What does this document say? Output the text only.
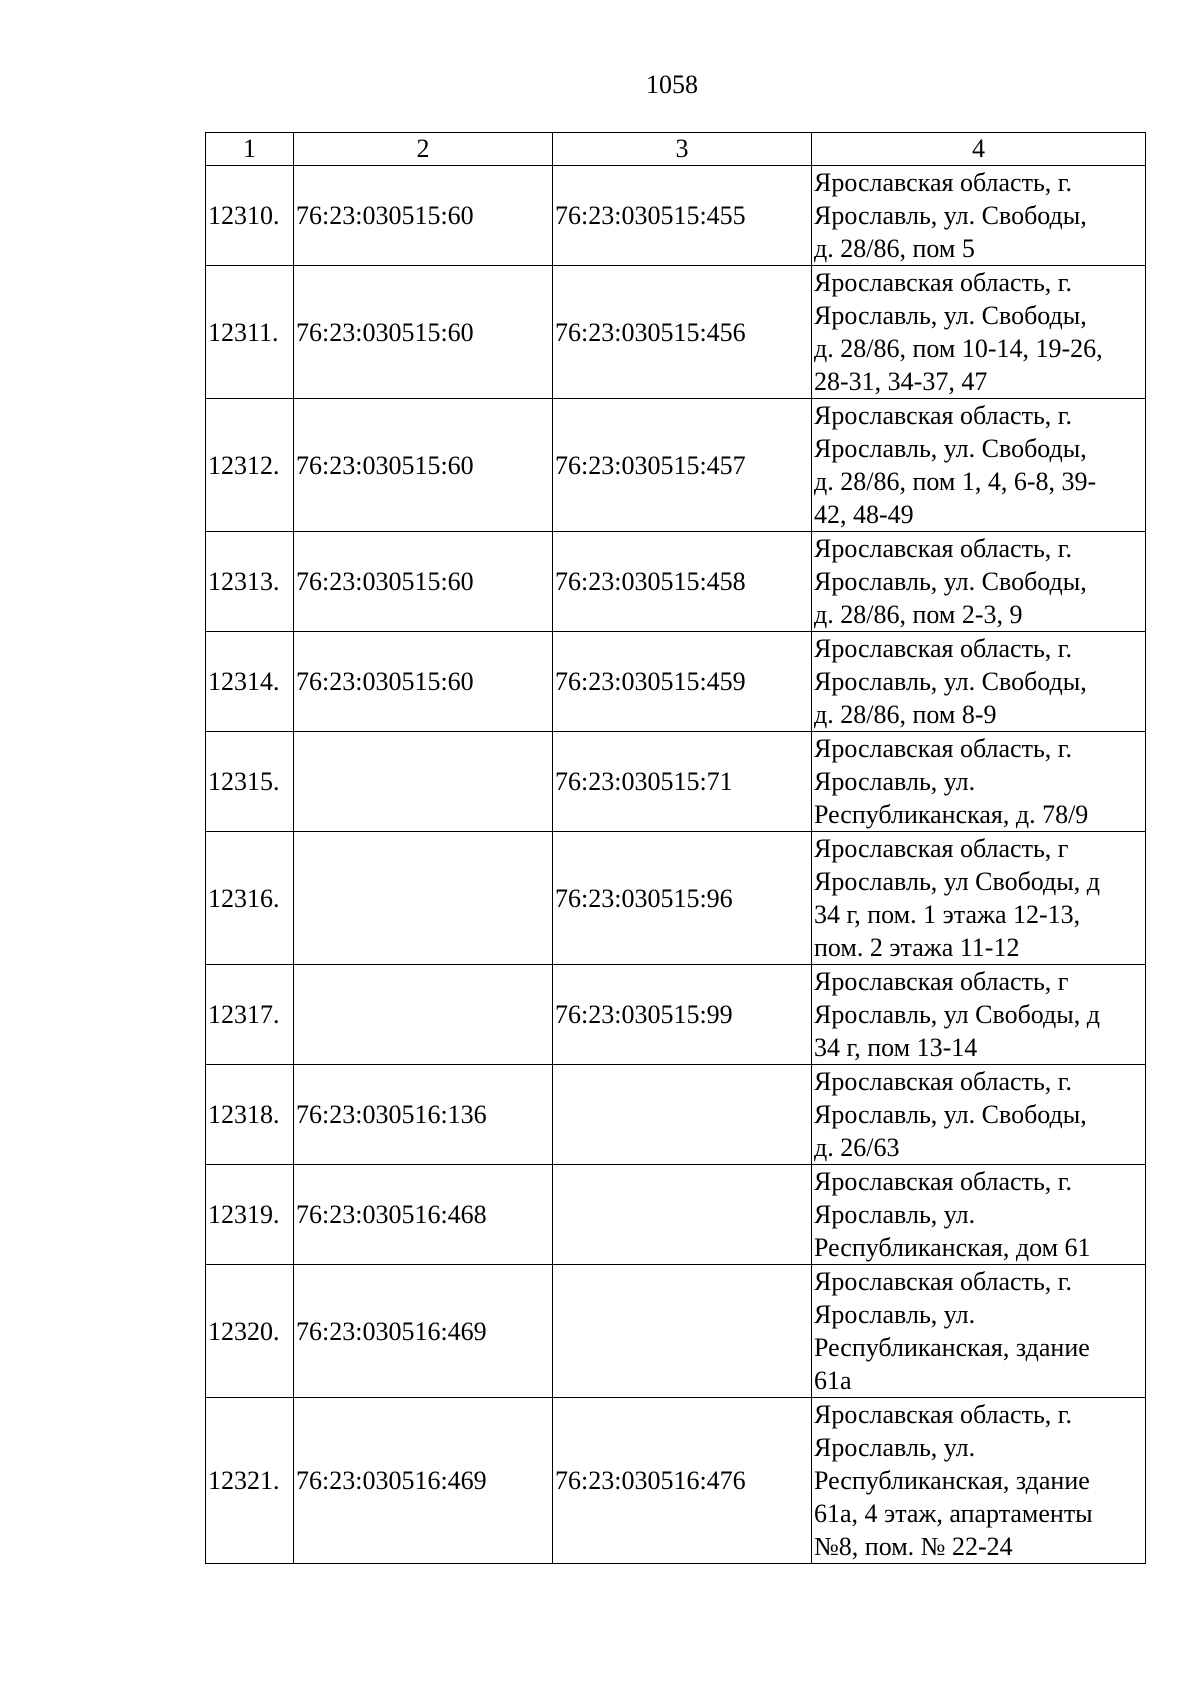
1058
1	2	3	4
12310.	76:23:030515:60	76:23:030515:455	Ярославская область, г.
Ярославль, ул. Свободы,
д. 28/86, пом 5

12311.	76:23:030515:60	76:23:030515:456	Ярославская область, г.
Ярославль, ул. Свободы,
д. 28/86, пом 10-14, 19-26,
28-31, 34-37, 47

12312.	76:23:030515:60	76:23:030515:457	Ярославская область, г.
Ярославль, ул. Свободы,
д. 28/86, пом 1, 4, 6-8, 39-
42, 48-49

12313.	76:23:030515:60	76:23:030515:458	Ярославская область, г.
Ярославль, ул. Свободы,
д. 28/86, пом 2-3, 9

12314.	76:23:030515:60	76:23:030515:459	Ярославская область, г.
Ярославль, ул. Свободы,
д. 28/86, пом 8-9

12315.		76:23:030515:71	Ярославская область, г.
Ярославль, ул.
Республиканская, д. 78/9

12316.		76:23:030515:96	Ярославская область, г
Ярославль, ул Свободы, д
34 г, пом. 1 этажа 12-13,
пом. 2 этажа 11-12

12317.		76:23:030515:99	Ярославская область, г
Ярославль, ул Свободы, д
34 г, пом 13-14

12318.	76:23:030516:136		Ярославская область, г.
Ярославль, ул. Свободы,
д. 26/63

12319.	76:23:030516:468		Ярославская область, г.
Ярославль, ул.
Республиканская, дом 61

12320.	76:23:030516:469		Ярославская область, г.
Ярославль, ул.
Республиканская, здание
61а

12321.	76:23:030516:469	76:23:030516:476	Ярославская область, г.
Ярославль, ул.
Республиканская, здание
61а, 4 этаж, апартаменты
№8, пом. № 22-24
